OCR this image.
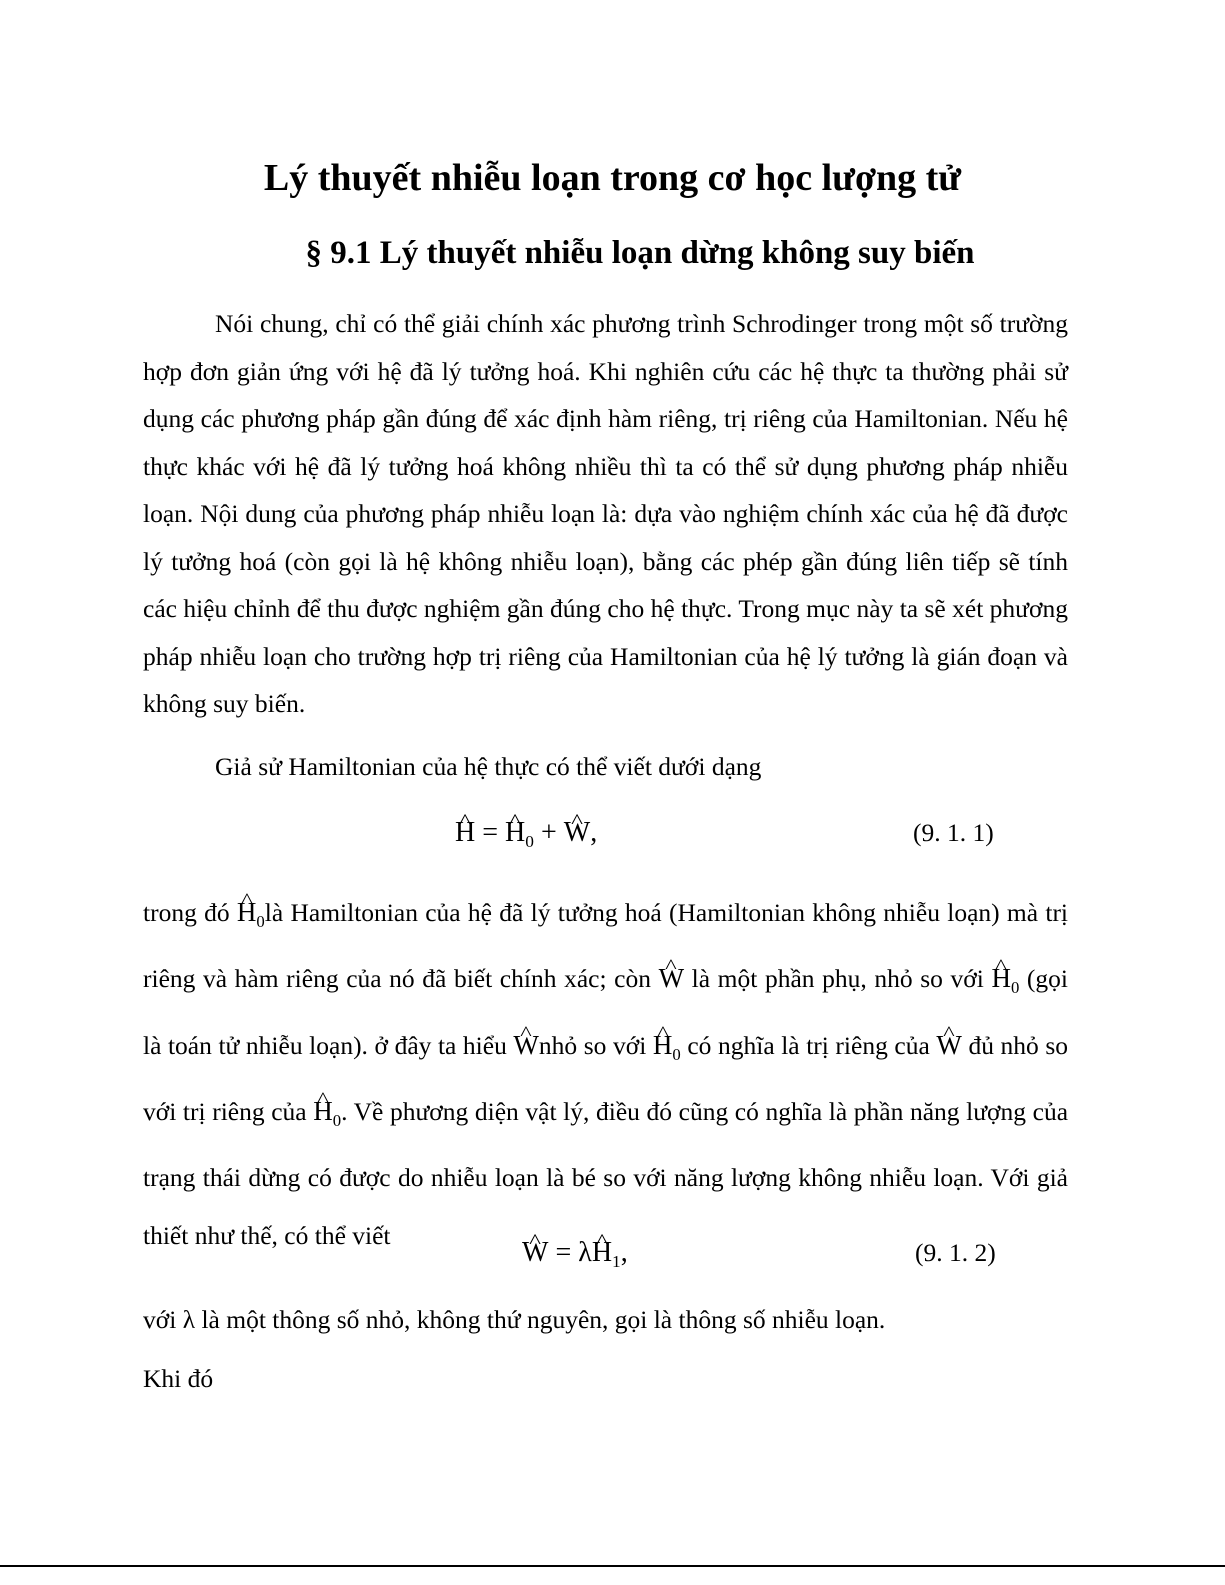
Lý thuyết nhiễu loạn trong cơ học lượng tử
§ 9.1 Lý thuyết nhiễu loạn dừng không suy biến
Nói chung, chỉ có thể giải chính xác phương trình Schrodinger trong một số trường hợp đơn giản ứng với hệ đã lý tưởng hoá. Khi nghiên cứu các hệ thực ta thường phải sử dụng các phương pháp gần đúng để xác định hàm riêng, trị riêng của Hamiltonian. Nếu hệ thực khác với hệ đã lý tưởng hoá không nhiều thì ta có thể sử dụng phương pháp nhiễu loạn. Nội dung của phương pháp nhiễu loạn là: dựa vào nghiệm chính xác của hệ đã được lý tưởng hoá (còn gọi là hệ không nhiễu loạn), bằng các phép gần đúng liên tiếp sẽ tính các hiệu chỉnh để thu được nghiệm gần đúng cho hệ thực. Trong mục này ta sẽ xét phương pháp nhiễu loạn cho trường hợp trị riêng của Hamiltonian của hệ lý tưởng là gián đoạn và không suy biến.
Giả sử Hamiltonian của hệ thực có thể viết dưới dạng
^ H = ^ $H_0$ + ^ W,	(9. 1. 1)
trong đó ^ $H_0là$ Hamiltonian của hệ đã lý tưởng hoá (Hamiltonian không nhiễu loạn) mà trị riêng và hàm riêng của nó đã biết chính xác; còn ^ W là một phần phụ, nhỏ so với ^ $H_0$ (gọi là toán tử nhiễu loạn). ở đây ta hiểu ^ Wnhỏ so với ^ $H_0$ có nghĩa là trị riêng của ^ W đủ nhỏ so với trị riêng của ^ $H_0$. Về phương diện vật lý, điều đó cũng có nghĩa là phần năng lượng của trạng thái dừng có được do nhiễu loạn là bé so với năng lượng không nhiễu loạn. Với giả thiết như thế, có thể viết
^ W = λ^ $H_1$,	(9. 1. 2)
với λ là một thông số nhỏ, không thứ nguyên, gọi là thông số nhiễu loạn.
Khi đó
